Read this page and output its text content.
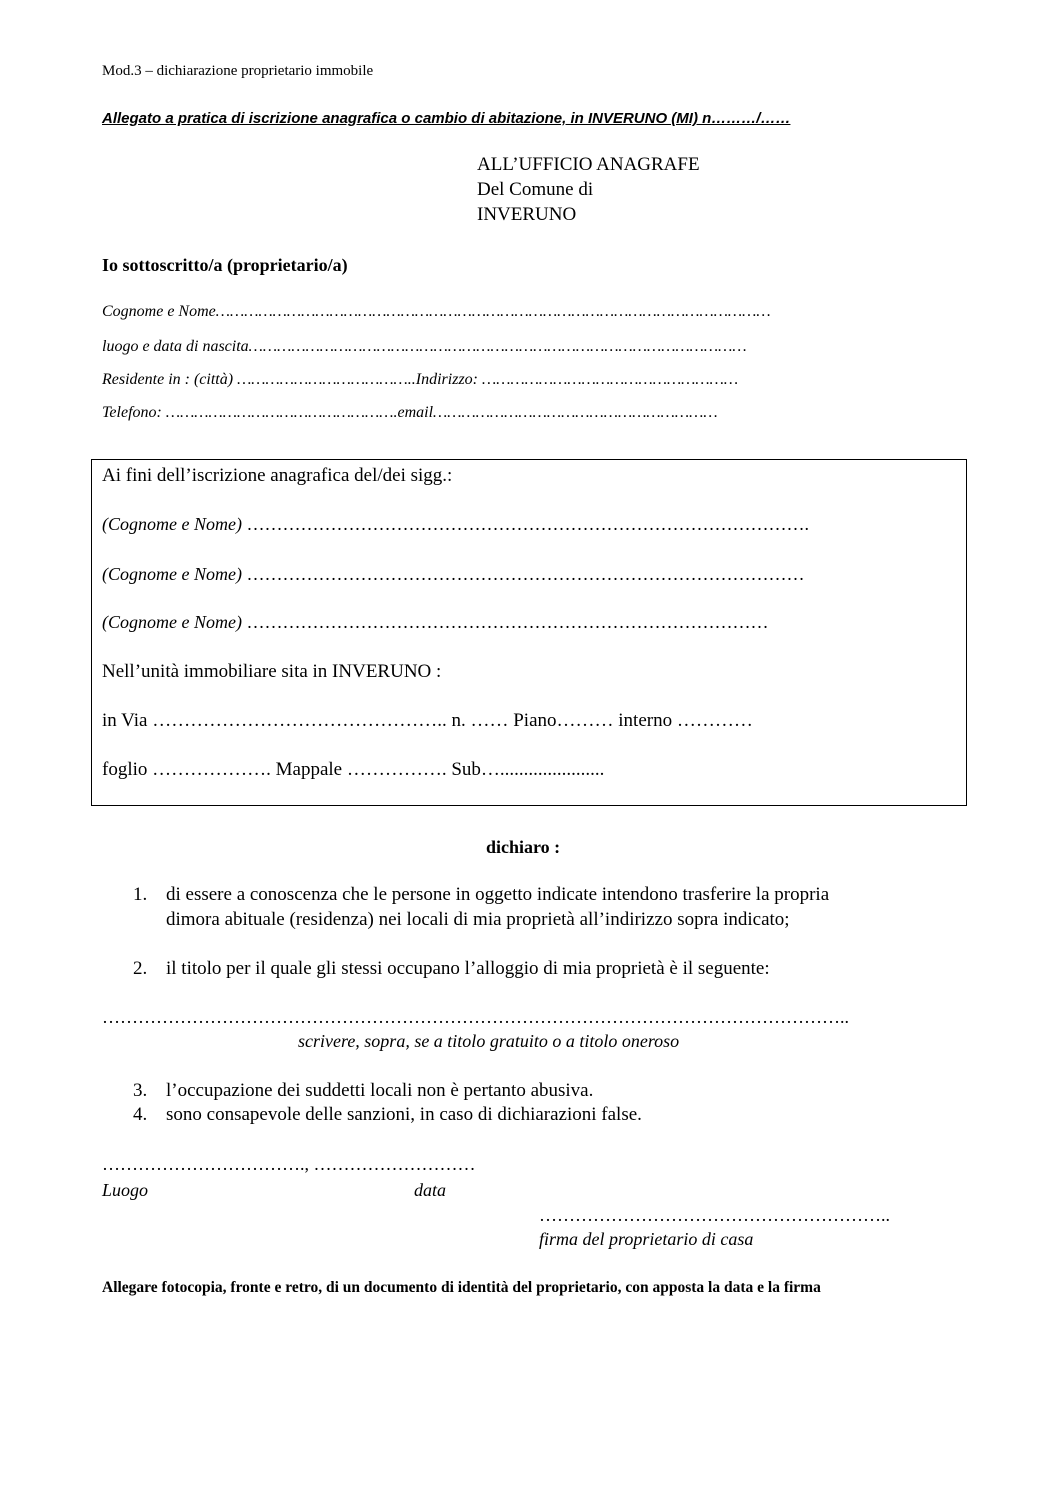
Mod.3 – dichiarazione proprietario immobile
Allegato a pratica di iscrizione anagrafica o cambio di abitazione, in INVERUNO (MI) n………/……
ALL’UFFICIO ANAGRAFE
Del Comune di
INVERUNO
Io sottoscritto/a (proprietario/a)
Cognome e Nome………………………………………………………………………………………………………
luogo e data di nascita……………………………………………………………………………………………
Residente in : (città) ………………………………..Indirizzo: ………………………………………………
Telefono: ………………………………………….email……………………………………………………
Ai fini dell’iscrizione anagrafica del/dei sigg.:
(Cognome e Nome) ………………………………………………………………………………….
(Cognome e Nome) …………………………………………………………………………………
(Cognome e Nome) ……………………………………………………………………………
Nell’unità immobiliare sita in INVERUNO :
in Via ……………………………………….. n. …… Piano……… interno …………
foglio ………………. Mappale ……………. Sub…......................
dichiaro :
1. di essere a conoscenza che le persone in oggetto indicate intendono trasferire la propria
dimora abituale (residenza) nei locali di mia proprietà all’indirizzo sopra indicato;
2. il titolo per il quale gli stessi occupano l’alloggio di mia proprietà è il seguente:
……………………………………………………………………………………………………………..
scrivere, sopra, se a titolo gratuito o a titolo oneroso
3. l’occupazione dei suddetti locali non è pertanto abusiva.
4. sono consapevole delle sanzioni, in caso di dichiarazioni false.
……………………………., ………………………
Luogo	data
…………………………………………………..
firma del proprietario di casa
Allegare fotocopia, fronte e retro, di un documento di identità del proprietario, con apposta la data e la firma
